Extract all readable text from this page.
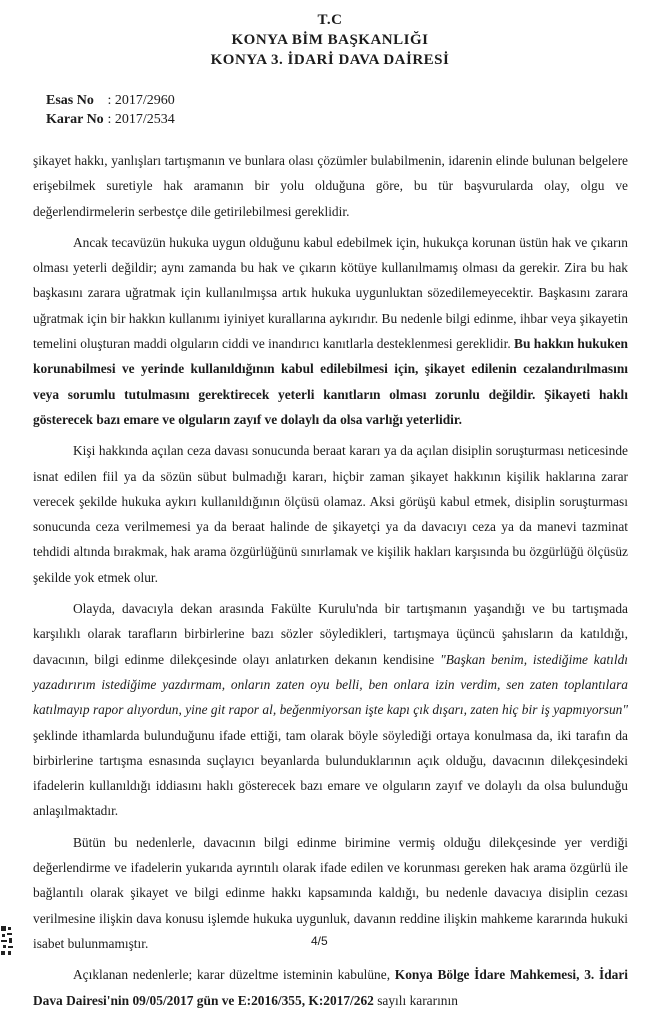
T.C
KONYA BİM BAŞKANLIĞI
KONYA 3. İDARİ DAVA DAİRESİ
Esas No : 2017/2960
Karar No : 2017/2534

şikayet hakkı, yanlışları tartışmanın ve bunlara olası çözümler bulabilmenin, idarenin elinde bulunan belgelere erişebilmek suretiyle hak aramanın bir yolu olduğuna göre, bu tür başvurularda olay, olgu ve değerlendirmelerin serbestçe dile getirilebilmesi gereklidir.

Ancak tecavüzün hukuka uygun olduğunu kabul edebilmek için, hukukça korunan üstün hak ve çıkarın olması yeterli değildir; aynı zamanda bu hak ve çıkarın kötüye kullanılmamış olması da gerekir. Zira bu hak başkasını zarara uğratmak için kullanılmışsa artık hukuka uygunluktan sözedilemeyecektir. Başkasını zarara uğratmak için bir hakkın kullanımı iyiniyet kurallarına aykırıdır. Bu nedenle bilgi edinme, ihbar veya şikayetin temelini oluşturan maddi olguların ciddi ve inandırıcı kanıtlarla desteklenmesi gereklidir. Bu hakkın hukuken korunabilmesi ve yerinde kullanıldığının kabul edilebilmesi için, şikayet edilenin cezalandırılmasını veya sorumlu tutulmasını gerektirecek yeterli kanıtların olması zorunlu değildir. Şikayeti haklı gösterecek bazı emare ve olguların zayıf ve dolaylı da olsa varlığı yeterlidir.

Kişi hakkında açılan ceza davası sonucunda beraat kararı ya da açılan disiplin soruşturması neticesinde isnat edilen fiil ya da sözün sübut bulmadığı kararı, hiçbir zaman şikayet hakkının kişilik haklarına zarar verecek şekilde hukuka aykırı kullanıldığının ölçüsü olamaz. Aksi görüşü kabul etmek, disiplin soruşturması sonucunda ceza verilmemesi ya da beraat halinde de şikayetçi ya da davacıyı ceza ya da manevi tazminat tehdidi altında bırakmak, hak arama özgürlüğünü sınırlamak ve kişilik hakları karşısında bu özgürlüğü ölçüsüz şekilde yok etmek olur.

Olayda, davacıyla dekan arasında Fakülte Kurulu'nda bir tartışmanın yaşandığı ve bu tartışmada karşılıklı olarak tarafların birbirlerine bazı sözler söyledikleri, tartışmaya üçüncü şahısların da katıldığı, davacının, bilgi edinme dilekçesinde olayı anlatırken dekanın kendisine "Başkan benim, istediğime katıldı yazadırırım istediğime yazdırmam, onların zaten oyu belli, ben onlara izin verdim, sen zaten toplantılara katılmayıp rapor alıyordun, yine git rapor al, beğenmiyorsan işte kapı çık dışarı, zaten hiç bir iş yapmıyorsun" şeklinde ithamlarda bulunduğunu ifade ettiği, tam olarak böyle söylediği ortaya konulmasa da, iki tarafın da birbirlerine tartışma esnasında suçlayıcı beyanlarda bulunduklarının açık olduğu, davacının dilekçesindeki ifadelerin kullanıldığı iddiasını haklı gösterecek bazı emare ve olguların zayıf ve dolaylı da olsa bulunduğu anlaşılmaktadır.

Bütün bu nedenlerle, davacının bilgi edinme birimine vermiş olduğu dilekçesinde yer verdiği değerlendirme ve ifadelerin yukarıda ayrıntılı olarak ifade edilen ve korunması gereken hak arama özgürlü ile bağlantılı olarak şikayet ve bilgi edinme hakkı kapsamında kaldığı, bu nedenle davacıya disiplin cezası verilmesine ilişkin dava konusu işlemde hukuka uygunluk, davanın reddine ilişkin mahkeme kararında hukuki isabet bulunmamıştır.

Açıklanan nedenlerle; karar düzeltme isteminin kabulüne, Konya Bölge İdare Mahkemesi, 3. İdari Dava Dairesi'nin 09/05/2017 gün ve E:2016/355, K:2017/262 sayılı kararının

4/5
